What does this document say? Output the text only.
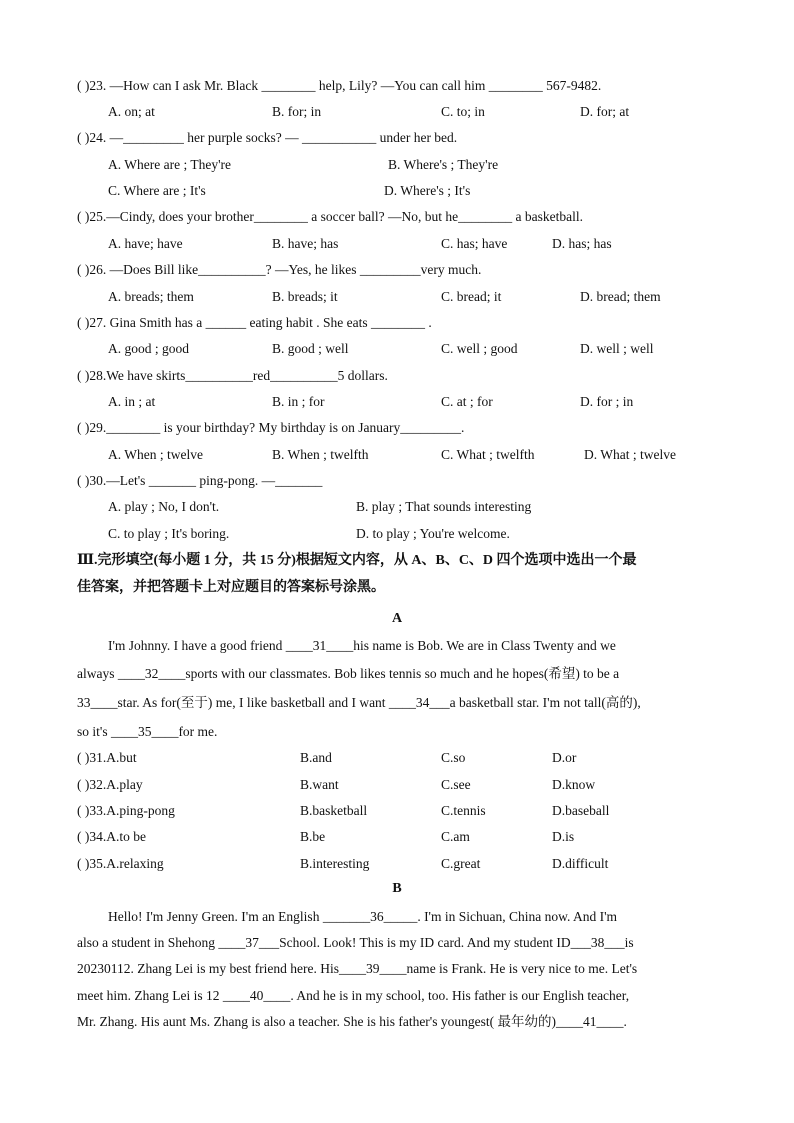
( )23. —How can I ask Mr. Black ________ help, Lily? —You can call him ________ 567-9482.
A. on; at	B. for; in	C. to; in	D. for; at
( )24. —_________ her purple socks? — ___________ under her bed.
A. Where are ; They're	B. Where's ; They're
C. Where are ; It's	D. Where's ; It's
( )25.—Cindy, does your brother________ a soccer ball? —No, but he________ a basketball.
A. have; have	B. have; has	C. has; have	D. has; has
( )26. —Does Bill like__________? —Yes, he likes _________very much.
A. breads; them	B. breads; it	C. bread; it	D. bread; them
( )27. Gina Smith has a ______ eating habit . She eats ________ .
A. good ; good	B. good ; well	C. well ; good	D. well ; well
( )28.We have skirts__________red__________5 dollars.
A. in ; at	B. in ; for	C. at ; for	D. for ; in
( )29.________ is your birthday? My birthday is on January_________.
A. When ; twelve	B. When ; twelfth	C. What ; twelfth	D. What ; twelve
( )30.—Let's _______ ping-pong. —_______
A. play ; No, I don't.	B. play ; That sounds interesting
C. to play ; It's boring.	D. to play ; You're welcome.
Ⅲ.完形填空(每小题 1 分，共 15 分)根据短文内容，从 A、B、C、D 四个选项中选出一个最
佳答案，并把答题卡上对应题目的答案标号涂黑。
A
I'm Johnny. I have a good friend ____31____his name is Bob. We are in Class Twenty and we
always ____32____sports with our classmates. Bob likes tennis so much and he hopes(希望) to be a
33____star. As for(至于) me, I like basketball and I want ____34___a basketball star. I'm not tall(高的),
so it's ____35____for me.
( )31.A.but	B.and	C.so	D.or
( )32.A.play	B.want	C.see	D.know
( )33.A.ping-pong	B.basketball	C.tennis	D.baseball
( )34.A.to be	B.be	C.am	D.is
( )35.A.relaxing	B.interesting	C.great	D.difficult
B
Hello! I'm Jenny Green. I'm an English _______36_____. I'm in Sichuan, China now. And I'm
also a student in Shehong ____37___School. Look! This is my ID card. And my student ID___38___is
20230112. Zhang Lei is my best friend here. His____39____name is Frank. He is very nice to me. Let's
meet him. Zhang Lei is 12 ____40____. And he is in my school, too. His father is our English teacher,
Mr. Zhang. His aunt Ms. Zhang is also a teacher. She is his father's youngest( 最年幼的)____41____.
